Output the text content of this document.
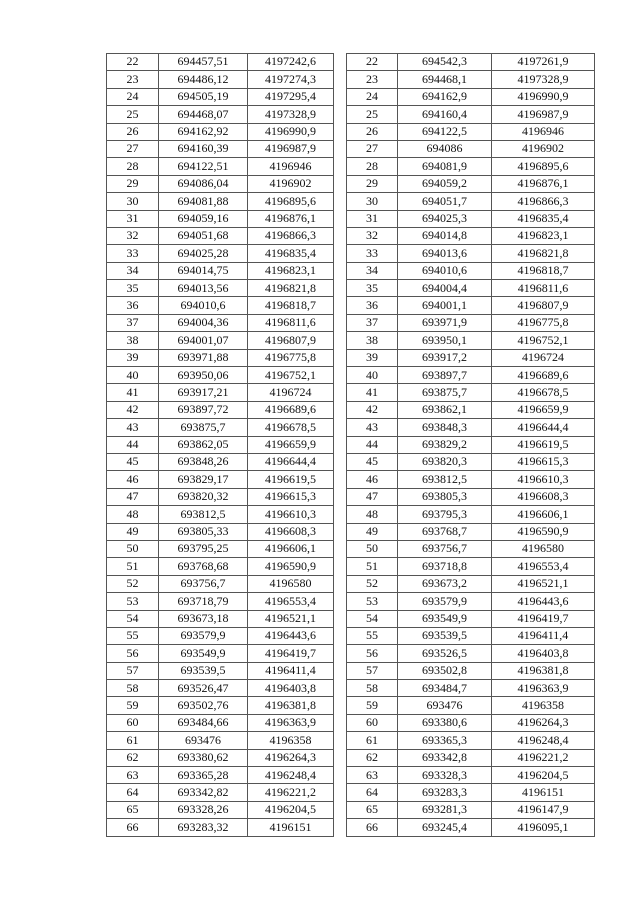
22	694457,51	4197242,6
23	694486,12	4197274,3
24	694505,19	4197295,4
25	694468,07	4197328,9
26	694162,92	4196990,9
27	694160,39	4196987,9
28	694122,51	4196946
29	694086,04	4196902
30	694081,88	4196895,6
31	694059,16	4196876,1
32	694051,68	4196866,3
33	694025,28	4196835,4
34	694014,75	4196823,1
35	694013,56	4196821,8
36	694010,6	4196818,7
37	694004,36	4196811,6
38	694001,07	4196807,9
39	693971,88	4196775,8
40	693950,06	4196752,1
41	693917,21	4196724
42	693897,72	4196689,6
43	693875,7	4196678,5
44	693862,05	4196659,9
45	693848,26	4196644,4
46	693829,17	4196619,5
47	693820,32	4196615,3
48	693812,5	4196610,3
49	693805,33	4196608,3
50	693795,25	4196606,1
51	693768,68	4196590,9
52	693756,7	4196580
53	693718,79	4196553,4
54	693673,18	4196521,1
55	693579,9	4196443,6
56	693549,9	4196419,7
57	693539,5	4196411,4
58	693526,47	4196403,8
59	693502,76	4196381,8
60	693484,66	4196363,9
61	693476	4196358
62	693380,62	4196264,3
63	693365,28	4196248,4
64	693342,82	4196221,2
65	693328,26	4196204,5
66	693283,32	4196151
22	694542,3	4197261,9
23	694468,1	4197328,9
24	694162,9	4196990,9
25	694160,4	4196987,9
26	694122,5	4196946
27	694086	4196902
28	694081,9	4196895,6
29	694059,2	4196876,1
30	694051,7	4196866,3
31	694025,3	4196835,4
32	694014,8	4196823,1
33	694013,6	4196821,8
34	694010,6	4196818,7
35	694004,4	4196811,6
36	694001,1	4196807,9
37	693971,9	4196775,8
38	693950,1	4196752,1
39	693917,2	4196724
40	693897,7	4196689,6
41	693875,7	4196678,5
42	693862,1	4196659,9
43	693848,3	4196644,4
44	693829,2	4196619,5
45	693820,3	4196615,3
46	693812,5	4196610,3
47	693805,3	4196608,3
48	693795,3	4196606,1
49	693768,7	4196590,9
50	693756,7	4196580
51	693718,8	4196553,4
52	693673,2	4196521,1
53	693579,9	4196443,6
54	693549,9	4196419,7
55	693539,5	4196411,4
56	693526,5	4196403,8
57	693502,8	4196381,8
58	693484,7	4196363,9
59	693476	4196358
60	693380,6	4196264,3
61	693365,3	4196248,4
62	693342,8	4196221,2
63	693328,3	4196204,5
64	693283,3	4196151
65	693281,3	4196147,9
66	693245,4	4196095,1
